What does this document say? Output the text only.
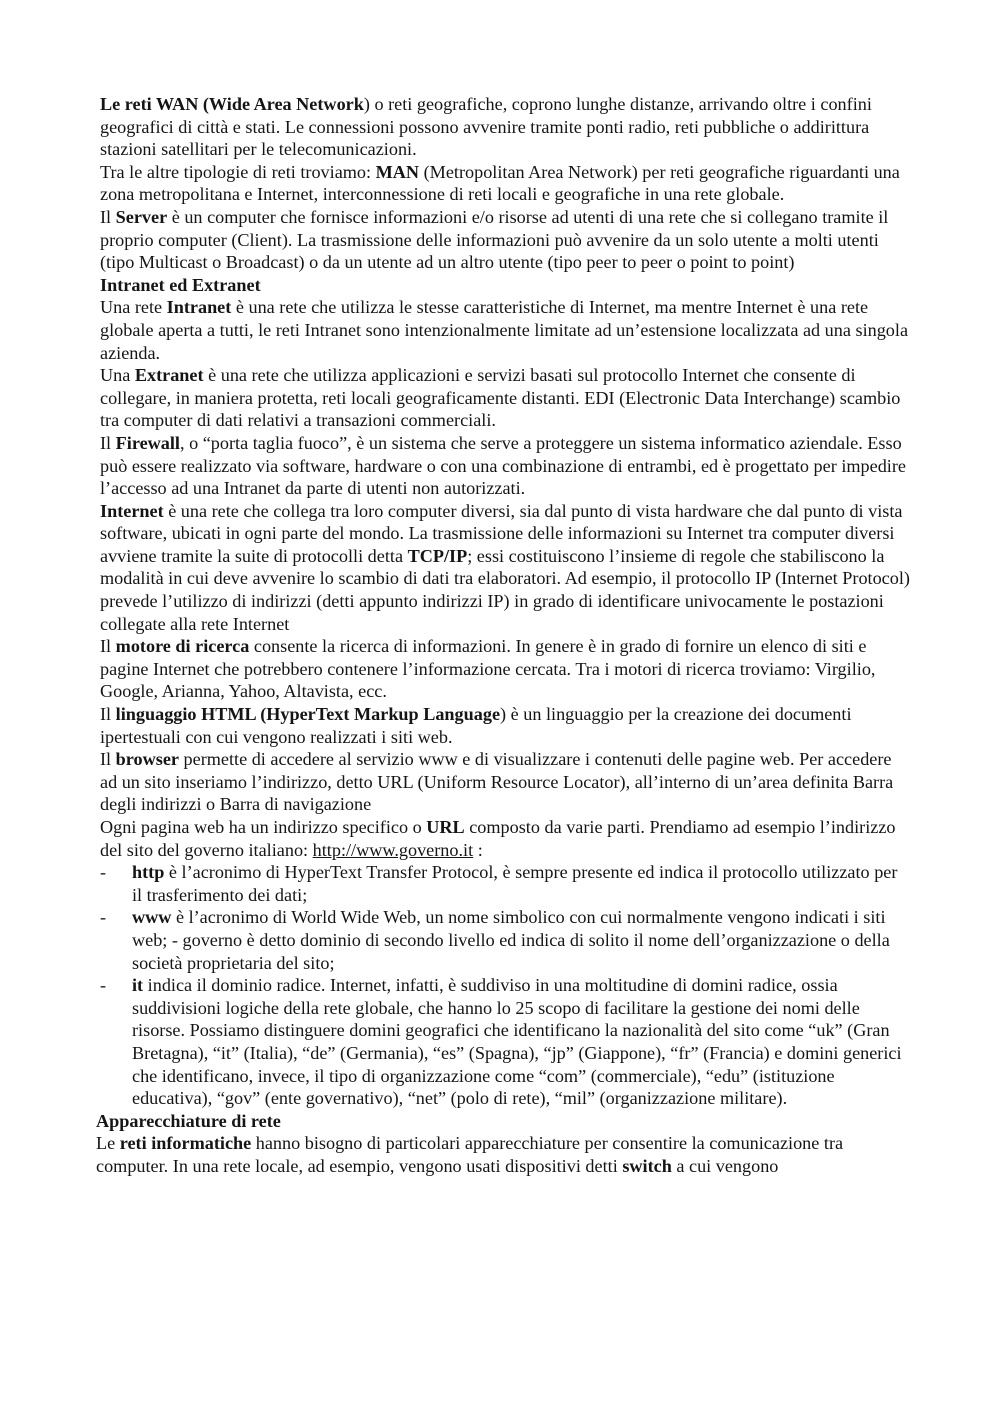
Le reti WAN (Wide Area Network) o reti geografiche, coprono lunghe distanze, arrivando oltre i confini geografici di città e stati. Le connessioni possono avvenire tramite ponti radio, reti pubbliche o addirittura stazioni satellitari per le telecomunicazioni.

Tra le altre tipologie di reti troviamo: MAN (Metropolitan Area Network) per reti geografiche riguardanti una zona metropolitana e Internet, interconnessione di reti locali e geografiche in una rete globale.

Il Server è un computer che fornisce informazioni e/o risorse ad utenti di una rete che si collegano tramite il proprio computer (Client). La trasmissione delle informazioni può avvenire da un solo utente a molti utenti (tipo Multicast o Broadcast) o da un utente ad un altro utente (tipo peer to peer o point to point)

Intranet ed Extranet

Una rete Intranet è una rete che utilizza le stesse caratteristiche di Internet, ma mentre Internet è una rete globale aperta a tutti, le reti Intranet sono intenzionalmente limitate ad un’estensione localizzata ad una singola azienda.

Una Extranet è una rete che utilizza applicazioni e servizi basati sul protocollo Internet che consente di collegare, in maniera protetta, reti locali geograficamente distanti. EDI (Electronic Data Interchange) scambio tra computer di dati relativi a transazioni commerciali.

Il Firewall, o “porta taglia fuoco”, è un sistema che serve a proteggere un sistema informatico aziendale. Esso può essere realizzato via software, hardware o con una combinazione di entrambi, ed è progettato per impedire l’accesso ad una Intranet da parte di utenti non autorizzati.

Internet è una rete che collega tra loro computer diversi, sia dal punto di vista hardware che dal punto di vista software, ubicati in ogni parte del mondo. La trasmissione delle informazioni su Internet tra computer diversi avviene tramite la suite di protocolli detta TCP/IP; essi costituiscono l’insieme di regole che stabiliscono la modalità in cui deve avvenire lo scambio di dati tra elaboratori. Ad esempio, il protocollo IP (Internet Protocol) prevede l’utilizzo di indirizzi (detti appunto indirizzi IP) in grado di identificare univocamente le postazioni collegate alla rete Internet

Il motore di ricerca consente la ricerca di informazioni. In genere è in grado di fornire un elenco di siti e pagine Internet che potrebbero contenere l’informazione cercata. Tra i motori di ricerca troviamo: Virgilio, Google, Arianna, Yahoo, Altavista, ecc.

Il linguaggio HTML (HyperText Markup Language) è un linguaggio per la creazione dei documenti ipertestuali con cui vengono realizzati i siti web.

Il browser permette di accedere al servizio www e di visualizzare i contenuti delle pagine web. Per accedere ad un sito inseriamo l’indirizzo, detto URL (Uniform Resource Locator), all’interno di un’area definita Barra degli indirizzi o Barra di navigazione

Ogni pagina web ha un indirizzo specifico o URL composto da varie parti. Prendiamo ad esempio l’indirizzo del sito del governo italiano: http://www.governo.it :

- http è l’acronimo di HyperText Transfer Protocol, è sempre presente ed indica il protocollo utilizzato per il trasferimento dei dati;
- www è l’acronimo di World Wide Web, un nome simbolico con cui normalmente vengono indicati i siti web; - governo è detto dominio di secondo livello ed indica di solito il nome dell’organizzazione o della società proprietaria del sito;
- it indica il dominio radice. Internet, infatti, è suddiviso in una moltitudine di domini radice, ossia suddivisioni logiche della rete globale, che hanno lo 25 scopo di facilitare la gestione dei nomi delle risorse. Possiamo distinguere domini geografici che identificano la nazionalità del sito come “uk” (Gran Bretagna), “it” (Italia), “de” (Germania), “es” (Spagna), “jp” (Giappone), “fr” (Francia) e domini generici che identificano, invece, il tipo di organizzazione come “com” (commerciale), “edu” (istituzione educativa), “gov” (ente governativo), “net” (polo di rete), “mil” (organizzazione militare).

Apparecchiature di rete

Le reti informatiche hanno bisogno di particolari apparecchiature per consentire la comunicazione tra computer. In una rete locale, ad esempio, vengono usati dispositivi detti switch a cui vengono
